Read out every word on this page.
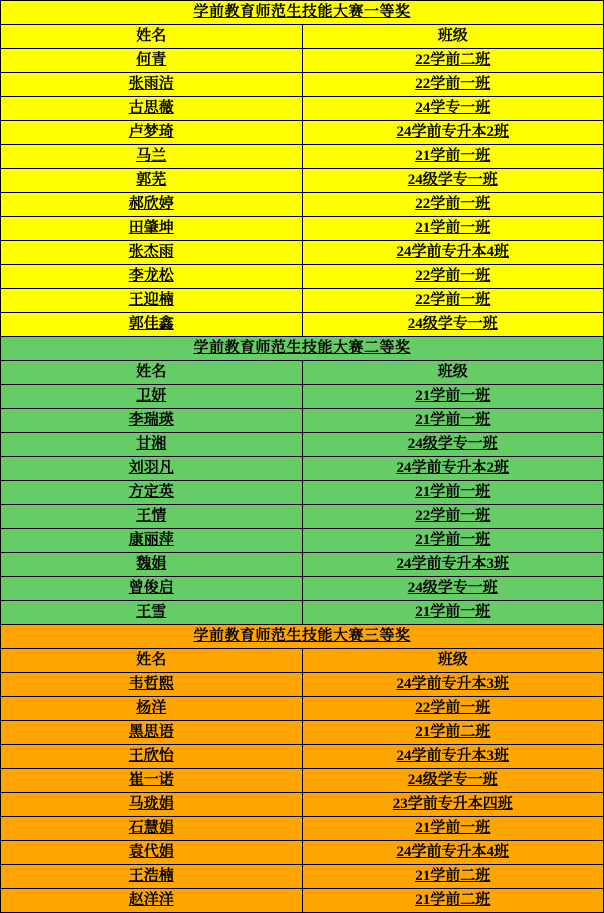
学前教育师范生技能大赛一等奖	
姓名	班级
何青	22学前二班
张雨洁	22学前一班
古思薇	24学专一班
卢梦琦	24学前专升本2班
马兰	21学前一班
郭芜	24级学专一班
郝欣婷	22学前一班
田肇坤	21学前一班
张杰雨	24学前专升本4班
李龙松	22学前一班
王迎楠	22学前一班
郭佳鑫	24级学专一班
学前教育师范生技能大赛二等奖	
姓名	班级
卫妍	21学前一班
李瑞瑛	21学前一班
甘湘	24级学专一班
刘羽凡	24学前专升本2班
方定英	21学前一班
王情	22学前一班
康丽萍	21学前一班
魏娟	24学前专升本3班
曾俊启	24级学专一班
王雪	21学前一班
学前教育师范生技能大赛三等奖	
姓名	班级
韦哲熙	24学前专升本3班
杨洋	22学前一班
黑思语	21学前二班
王欣怡	24学前专升本3班
崔一诺	24级学专一班
马珑娟	23学前专升本四班
石慧娟	21学前一班
袁代娟	24学前专升本4班
王浩楠	21学前二班
赵洋洋	21学前二班
